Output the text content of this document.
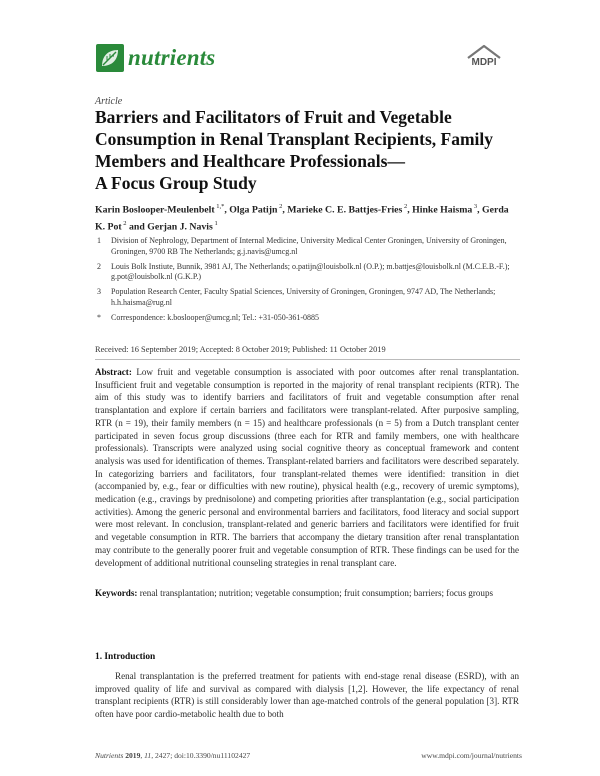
nutrients	MDPI
Article
Barriers and Facilitators of Fruit and Vegetable
Consumption in Renal Transplant Recipients, Family
Members and Healthcare Professionals—
A Focus Group Study
Karin Boslooper-Meulenbelt $^{1,*}$, Olga Patijn $^2$, Marieke C. E. Battjes-Fries $^2$, Hinke Haisma $^3$, Gerda K. Pot $^2$ and Gerjan J. Navis $^1$
1	Division of Nephrology, Department of Internal Medicine, University Medical Center Groningen, University of Groningen, Groningen, 9700 RB The Netherlands; g.j.navis@umcg.nl
2	Louis Bolk Instiute, Bunnik, 3981 AJ, The Netherlands; o.patijn@louisbolk.nl (O.P.); m.battjes@louisbolk.nl (M.C.E.B.-F.); g.pot@louisbolk.nl (G.K.P.)
3	Population Research Center, Faculty Spatial Sciences, University of Groningen, Groningen, 9747 AD, The Netherlands; h.h.haisma@rug.nl
*	Correspondence: k.boslooper@umcg.nl; Tel.: +31-050-361-0885
Received: 16 September 2019; Accepted: 8 October 2019; Published: 11 October 2019
Abstract: Low fruit and vegetable consumption is associated with poor outcomes after renal transplantation. Insufficient fruit and vegetable consumption is reported in the majority of renal transplant recipients (RTR). The aim of this study was to identify barriers and facilitators of fruit and vegetable consumption after renal transplantation and explore if certain barriers and facilitators were transplant-related. After purposive sampling, RTR (n = 19), their family members (n = 15) and healthcare professionals (n = 5) from a Dutch transplant center participated in seven focus group discussions (three each for RTR and family members, one with healthcare professionals). Transcripts were analyzed using social cognitive theory as conceptual framework and content analysis was used for identification of themes. Transplant-related barriers and facilitators were described separately. In categorizing barriers and facilitators, four transplant-related themes were identified: transition in diet (accompanied by, e.g., fear or difficulties with new routine), physical health (e.g., recovery of uremic symptoms), medication (e.g., cravings by prednisolone) and competing priorities after transplantation (e.g., social participation activities). Among the generic personal and environmental barriers and facilitators, food literacy and social support were most relevant. In conclusion, transplant-related and generic barriers and facilitators were identified for fruit and vegetable consumption in RTR. The barriers that accompany the dietary transition after renal transplantation may contribute to the generally poorer fruit and vegetable consumption of RTR. These findings can be used for the development of additional nutritional counseling strategies in renal transplant care.
Keywords: renal transplantation; nutrition; vegetable consumption; fruit consumption; barriers; focus groups
1. Introduction
Renal transplantation is the preferred treatment for patients with end-stage renal disease (ESRD), with an improved quality of life and survival as compared with dialysis [1,2]. However, the life expectancy of renal transplant recipients (RTR) is still considerably lower than age-matched controls of the general population [3]. RTR often have poor cardio-metabolic health due to both
Nutrients 2019, 11, 2427; doi:10.3390/nu11102427	www.mdpi.com/journal/nutrients
